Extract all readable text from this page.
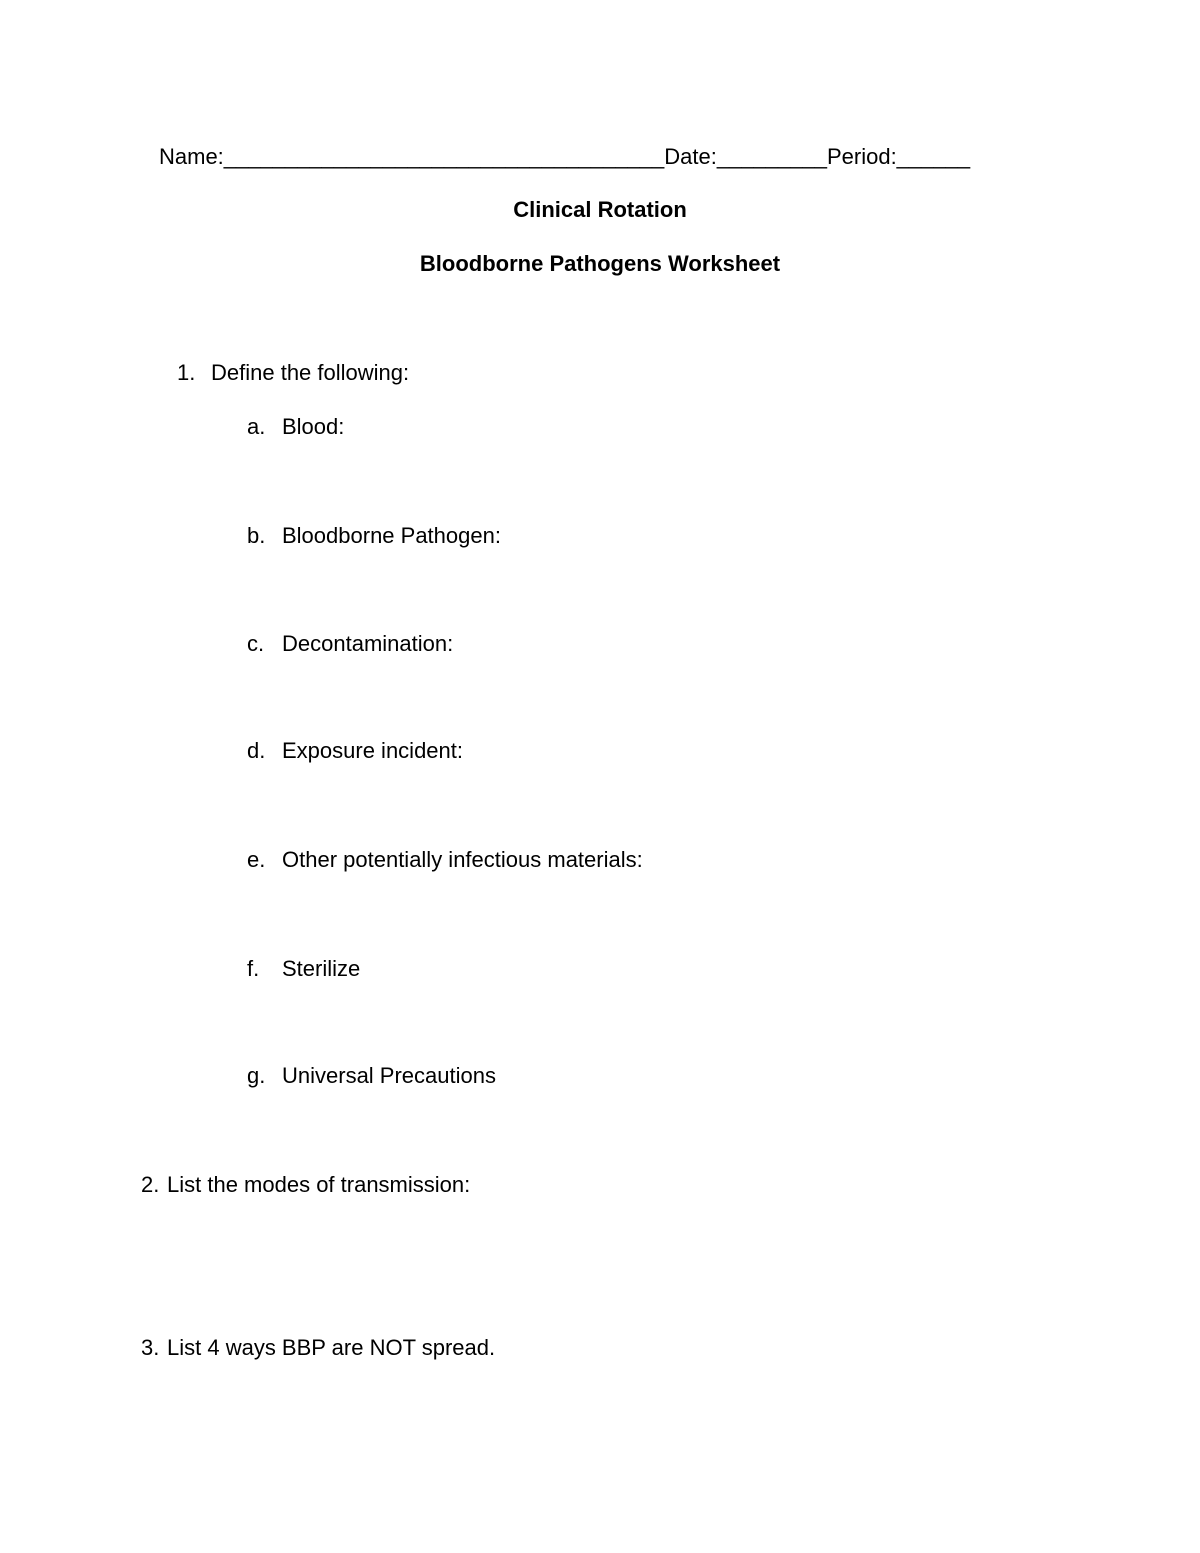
Name:____________________________________Date:_________Period:______
Clinical Rotation
Bloodborne Pathogens Worksheet
1. Define the following:
a. Blood:
b. Bloodborne Pathogen:
c. Decontamination:
d. Exposure incident:
e. Other potentially infectious materials:
f. Sterilize
g. Universal Precautions
2. List the modes of transmission:
3. List 4 ways BBP are NOT spread.
